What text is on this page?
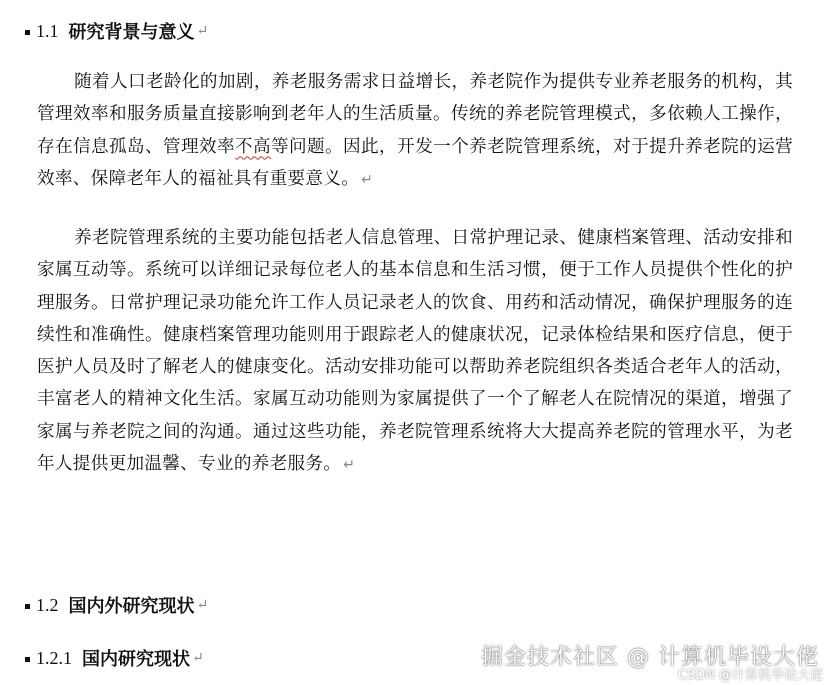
1.1 研究背景与意义 ↵
随着人口老龄化的加剧，养老服务需求日益增长，养老院作为提供专业养老服务的机构，其管理效率和服务质量直接影响到老年人的生活质量。传统的养老院管理模式，多依赖人工操作，存在信息孤岛、管理效率不高等问题。因此，开发一个养老院管理系统，对于提升养老院的运营效率、保障老年人的福祉具有重要意义。 ↵
养老院管理系统的主要功能包括老人信息管理、日常护理记录、健康档案管理、活动安排和家属互动等。系统可以详细记录每位老人的基本信息和生活习惯，便于工作人员提供个性化的护理服务。日常护理记录功能允许工作人员记录老人的饮食、用药和活动情况，确保护理服务的连续性和准确性。健康档案管理功能则用于跟踪老人的健康状况，记录体检结果和医疗信息，便于医护人员及时了解老人的健康变化。活动安排功能可以帮助养老院组织各类适合老年人的活动，丰富老人的精神文化生活。家属互动功能则为家属提供了一个了解老人在院情况的渠道，增强了家属与养老院之间的沟通。通过这些功能，养老院管理系统将大大提高养老院的管理水平，为老年人提供更加温馨、专业的养老服务。 ↵
1.2 国内外研究现状 ↵
1.2.1 国内研究现状 ↵	掘金技术社区 @ 计算机毕设大佬
CSDN @计算机毕设大佬
